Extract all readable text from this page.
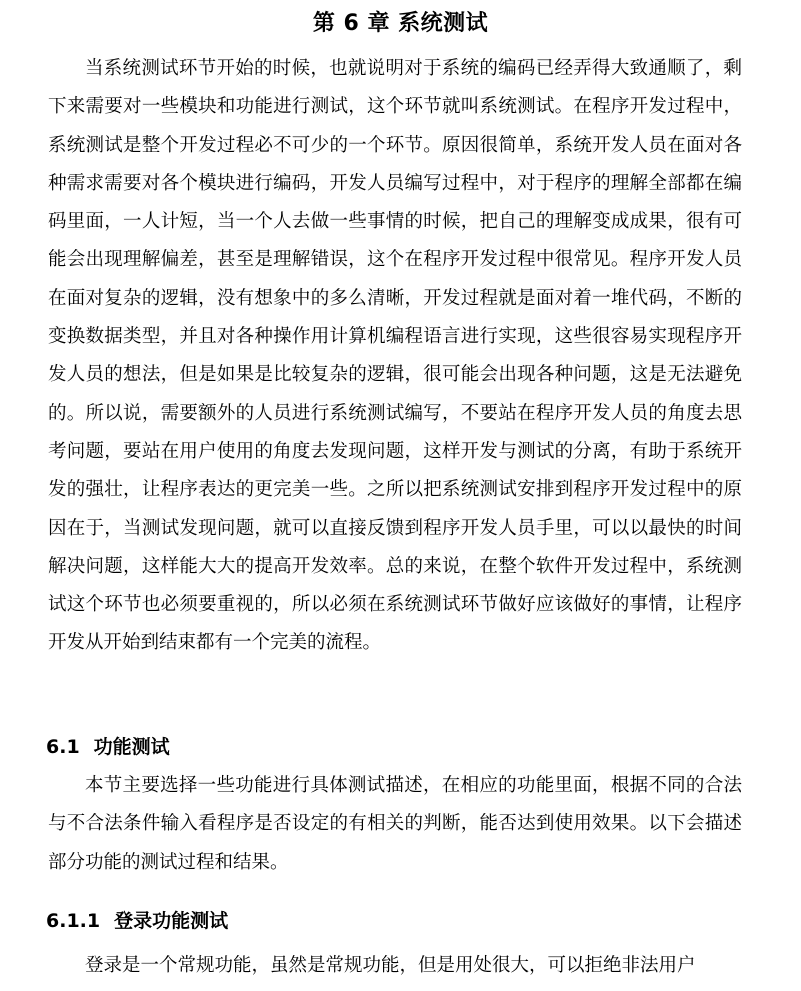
第 6 章 系统测试

当系统测试环节开始的时候，也就说明对于系统的编码已经弄得大致通顺了，剩下来需要对一些模块和功能进行测试，这个环节就叫系统测试。在程序开发过程中，系统测试是整个开发过程必不可少的一个环节。原因很简单，系统开发人员在面对各种需求需要对各个模块进行编码，开发人员编写过程中，对于程序的理解全部都在编码里面，一人计短，当一个人去做一些事情的时候，把自己的理解变成成果，很有可能会出现理解偏差，甚至是理解错误，这个在程序开发过程中很常见。程序开发人员在面对复杂的逻辑，没有想象中的多么清晰，开发过程就是面对着一堆代码，不断的变换数据类型，并且对各种操作用计算机编程语言进行实现，这些很容易实现程序开发人员的想法，但是如果是比较复杂的逻辑，很可能会出现各种问题，这是无法避免的。所以说，需要额外的人员进行系统测试编写，不要站在程序开发人员的角度去思考问题，要站在用户使用的角度去发现问题，这样开发与测试的分离，有助于系统开发的强壮，让程序表达的更完美一些。之所以把系统测试安排到程序开发过程中的原因在于，当测试发现问题，就可以直接反馈到程序开发人员手里，可以以最快的时间解决问题，这样能大大的提高开发效率。总的来说，在整个软件开发过程中，系统测试这个环节也必须要重视的，所以必须在系统测试环节做好应该做好的事情，让程序开发从开始到结束都有一个完美的流程。

6.1 功能测试

本节主要选择一些功能进行具体测试描述，在相应的功能里面，根据不同的合法与不合法条件输入看程序是否设定的有相关的判断，能否达到使用效果。以下会描述部分功能的测试过程和结果。

6.1.1 登录功能测试

登录是一个常规功能，虽然是常规功能，但是用处很大，可以拒绝非法用户
